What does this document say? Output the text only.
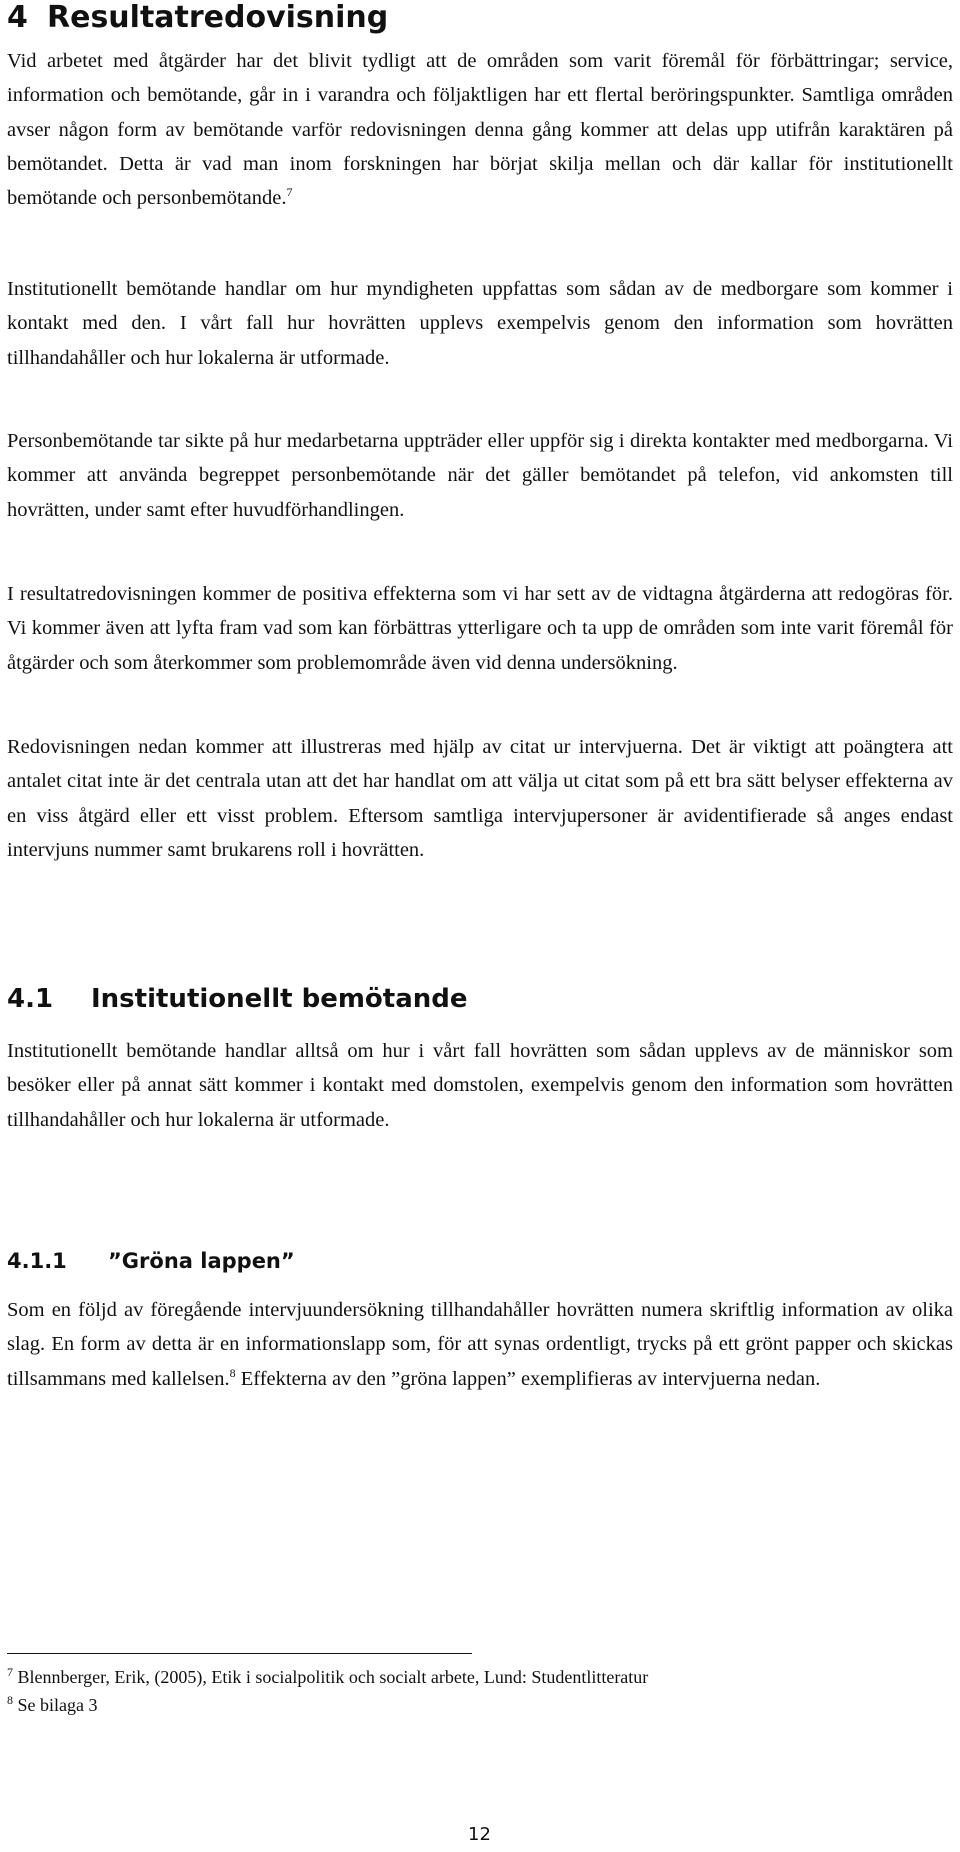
4 Resultatredovisning

Vid arbetet med åtgärder har det blivit tydligt att de områden som varit föremål för förbättringar; service, information och bemötande, går in i varandra och följaktligen har ett flertal beröringspunkter. Samtliga områden avser någon form av bemötande varför redovisningen denna gång kommer att delas upp utifrån karaktären på bemötandet. Detta är vad man inom forskningen har börjat skilja mellan och där kallar för institutionellt bemötande och personbemötande.$^7$

Institutionellt bemötande handlar om hur myndigheten uppfattas som sådan av de medborgare som kommer i kontakt med den. I vårt fall hur hovrätten upplevs exempelvis genom den information som hovrätten tillhandahåller och hur lokalerna är utformade.

Personbemötande tar sikte på hur medarbetarna uppträder eller uppför sig i direkta kontakter med medborgarna. Vi kommer att använda begreppet personbemötande när det gäller bemötandet på telefon, vid ankomsten till hovrätten, under samt efter huvudförhandlingen.

I resultatredovisningen kommer de positiva effekterna som vi har sett av de vidtagna åtgärderna att redogöras för. Vi kommer även att lyfta fram vad som kan förbättras ytterligare och ta upp de områden som inte varit föremål för åtgärder och som återkommer som problemområde även vid denna undersökning.

Redovisningen nedan kommer att illustreras med hjälp av citat ur intervjuerna. Det är viktigt att poängtera att antalet citat inte är det centrala utan att det har handlat om att välja ut citat som på ett bra sätt belyser effekterna av en viss åtgärd eller ett visst problem. Eftersom samtliga intervjupersoner är avidentifierade så anges endast intervjuns nummer samt brukarens roll i hovrätten.

4.1 Institutionellt bemötande

Institutionellt bemötande handlar alltså om hur i vårt fall hovrätten som sådan upplevs av de människor som besöker eller på annat sätt kommer i kontakt med domstolen, exempelvis genom den information som hovrätten tillhandahåller och hur lokalerna är utformade.

4.1.1 ”Gröna lappen”

Som en följd av föregående intervjuundersökning tillhandahåller hovrätten numera skriftlig information av olika slag. En form av detta är en informationslapp som, för att synas ordentligt, trycks på ett grönt papper och skickas tillsammans med kallelsen.$^8$ Effekterna av den ”gröna lappen” exemplifieras av intervjuerna nedan.

$^7$ Blennberger, Erik, (2005), Etik i socialpolitik och socialt arbete, Lund: Studentlitteratur
$^8$ Se bilaga 3
12
